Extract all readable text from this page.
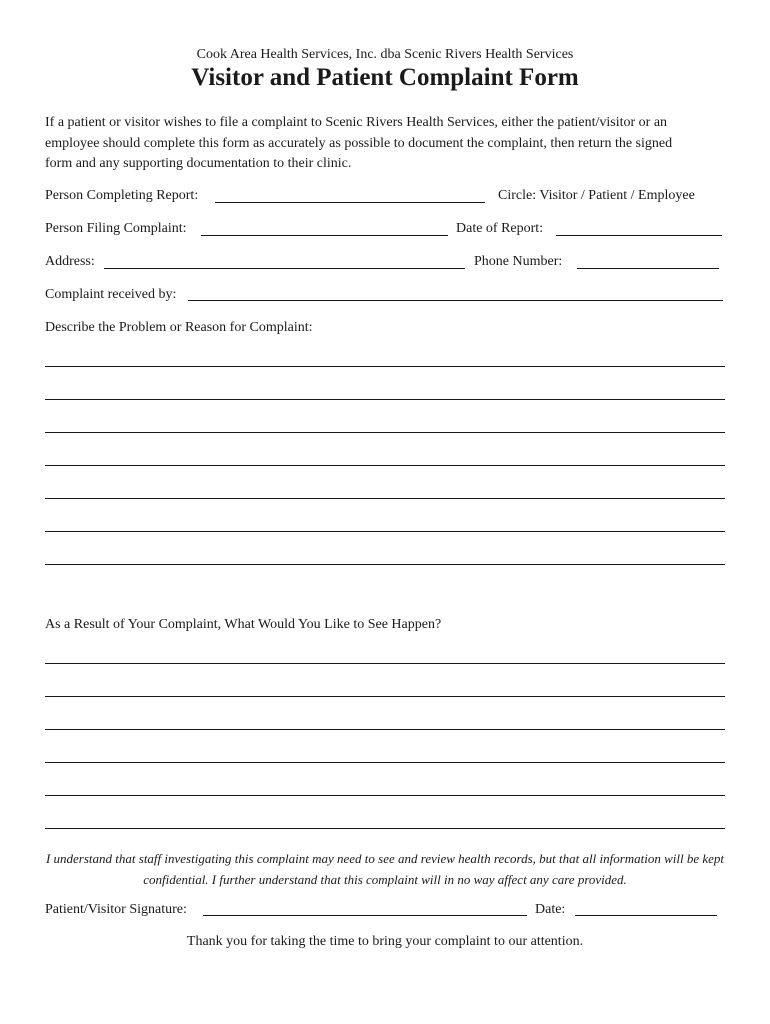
Cook Area Health Services, Inc. dba Scenic Rivers Health Services
Visitor and Patient Complaint Form
If a patient or visitor wishes to file a complaint to Scenic Rivers Health Services, either the patient/visitor or an
employee should complete this form as accurately as possible to document the complaint, then return the signed
form and any supporting documentation to their clinic.
Person Completing Report:	Circle: Visitor / Patient / Employee
Person Filing Complaint:	Date of Report:
Address:	Phone Number:
Complaint received by:
Describe the Problem or Reason for Complaint:
As a Result of Your Complaint, What Would You Like to See Happen?
I understand that staff investigating this complaint may need to see and review health records, but that all information will be kept
confidential. I further understand that this complaint will in no way affect any care provided.
Patient/Visitor Signature:	Date:
Thank you for taking the time to bring your complaint to our attention.
